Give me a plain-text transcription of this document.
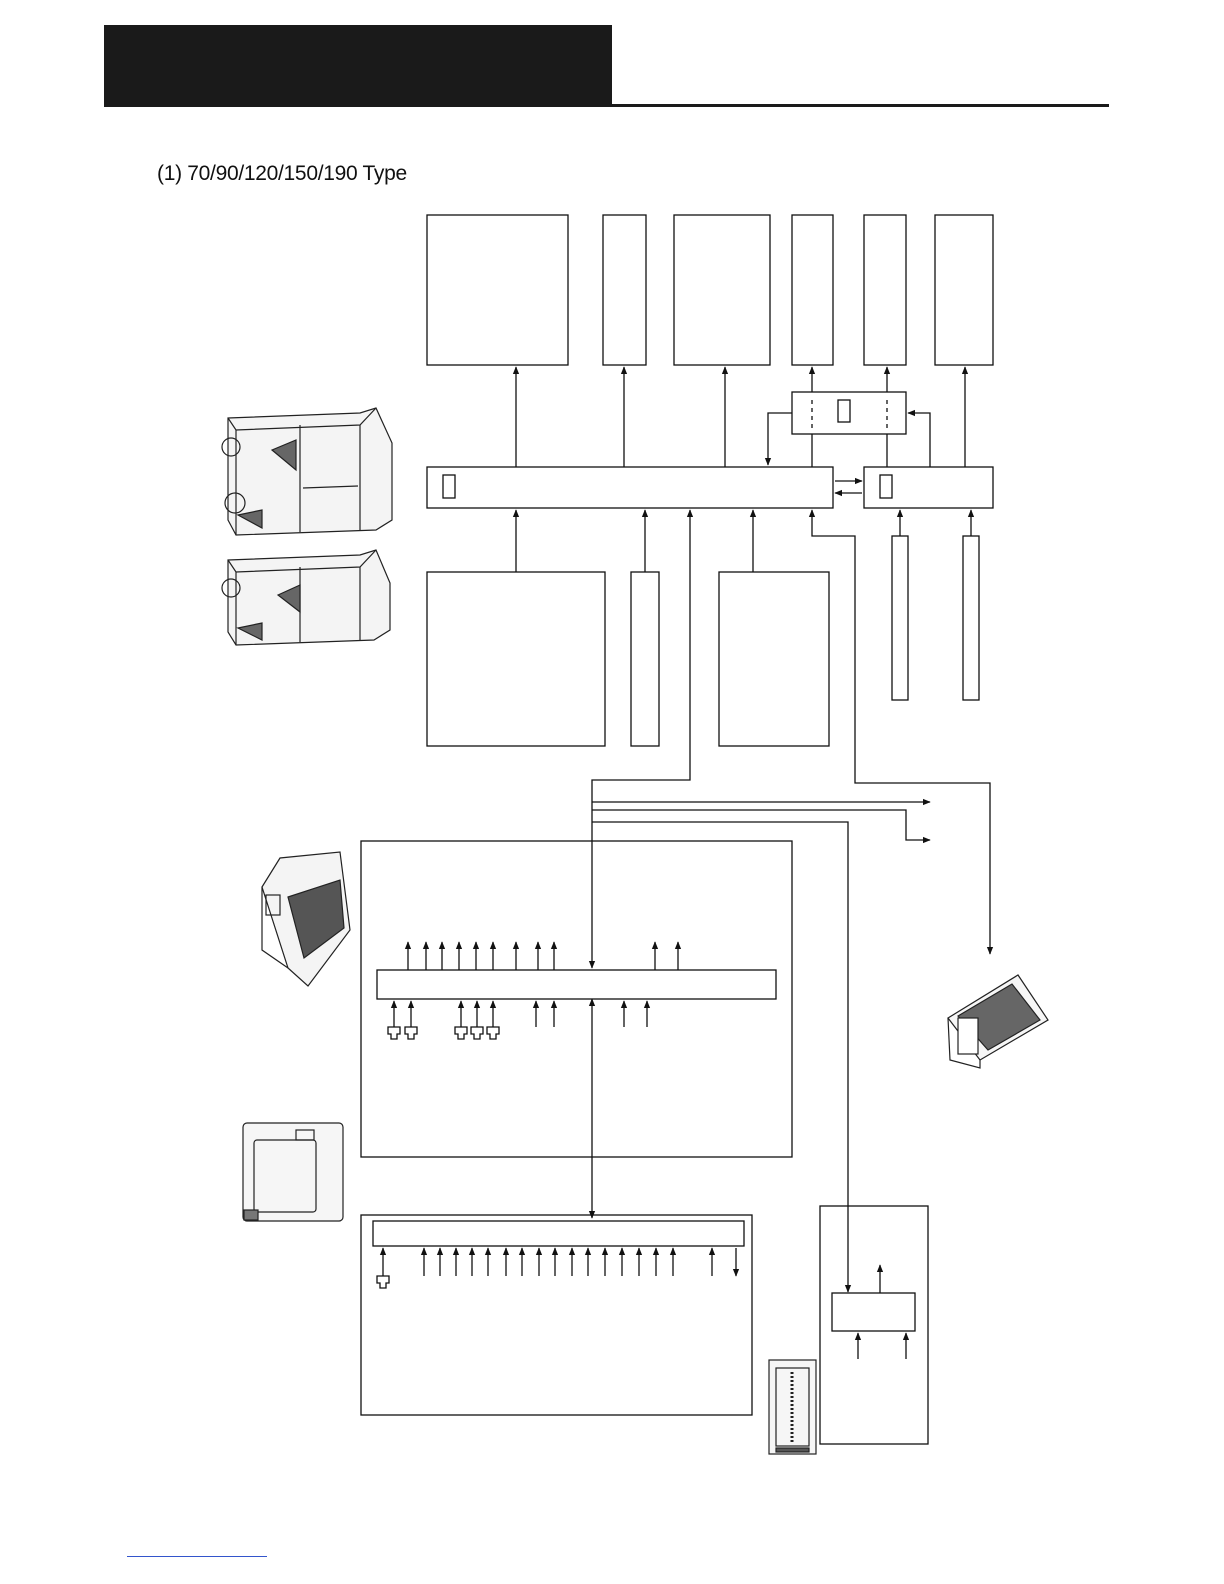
(1) 70/90/120/150/190 Type
